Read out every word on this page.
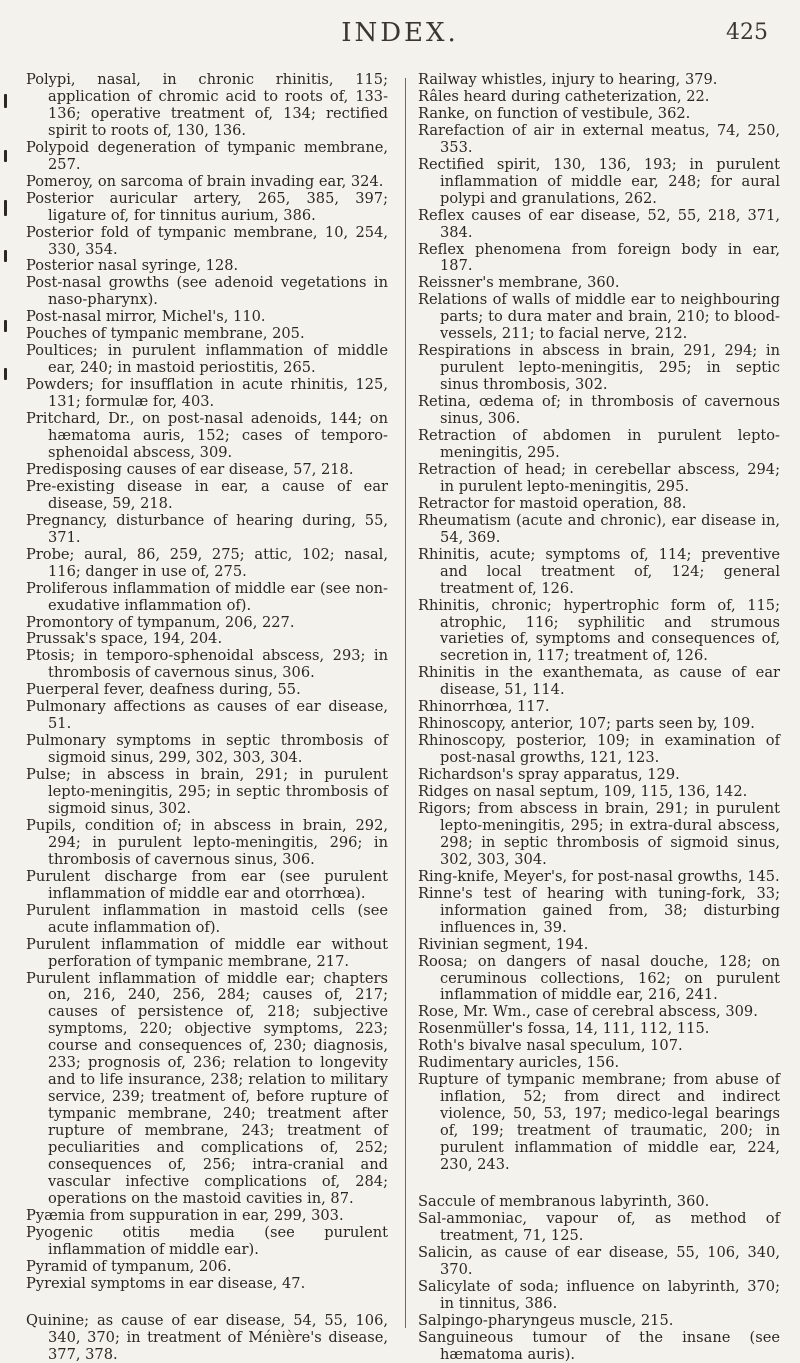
INDEX.	425

Polypi, nasal, in chronic rhinitis, 115; application of chromic acid to roots of, 133-136; operative treatment of, 134; rectified spirit to roots of, 130, 136.

Polypoid degeneration of tympanic membrane, 257.

Pomeroy, on sarcoma of brain invading ear, 324.

Posterior auricular artery, 265, 385, 397; ligature of, for tinnitus aurium, 386.

Posterior fold of tympanic membrane, 10, 254, 330, 354.

Posterior nasal syringe, 128.

Post-nasal growths (see adenoid vegetations in naso-pharynx).

Post-nasal mirror, Michel's, 110.

Pouches of tympanic membrane, 205.

Poultices; in purulent inflammation of middle ear, 240; in mastoid periostitis, 265.

Powders; for insufflation in acute rhinitis, 125, 131; formulæ for, 403.

Pritchard, Dr., on post-nasal adenoids, 144; on hæmatoma auris, 152; cases of temporo-sphenoidal abscess, 309.

Predisposing causes of ear disease, 57, 218.

Pre-existing disease in ear, a cause of ear disease, 59, 218.

Pregnancy, disturbance of hearing during, 55, 371.

Probe; aural, 86, 259, 275; attic, 102; nasal, 116; danger in use of, 275.

Proliferous inflammation of middle ear (see non-exudative inflammation of).

Promontory of tympanum, 206, 227.

Prussak's space, 194, 204.

Ptosis; in temporo-sphenoidal abscess, 293; in thrombosis of cavernous sinus, 306.

Puerperal fever, deafness during, 55.

Pulmonary affections as causes of ear disease, 51.

Pulmonary symptoms in septic thrombosis of sigmoid sinus, 299, 302, 303, 304.

Pulse; in abscess in brain, 291; in purulent lepto-meningitis, 295; in septic thrombosis of sigmoid sinus, 302.

Pupils, condition of; in abscess in brain, 292, 294; in purulent lepto-meningitis, 296; in thrombosis of cavernous sinus, 306.

Purulent discharge from ear (see purulent inflammation of middle ear and otorrhœa).

Purulent inflammation in mastoid cells (see acute inflammation of).

Purulent inflammation of middle ear without perforation of tympanic membrane, 217.

Purulent inflammation of middle ear; chapters on, 216, 240, 256, 284; causes of, 217; causes of persistence of, 218; subjective symptoms, 220; objective symptoms, 223; course and consequences of, 230; diagnosis, 233; prognosis of, 236; relation to longevity and to life insurance, 238; relation to military service, 239; treatment of, before rupture of tympanic membrane, 240; treatment after rupture of membrane, 243; treatment of peculiarities and complications of, 252; consequences of, 256; intra-cranial and vascular infective complications of, 284; operations on the mastoid cavities in, 87.

Pyæmia from suppuration in ear, 299, 303.

Pyogenic otitis media (see purulent inflammation of middle ear).

Pyramid of tympanum, 206.

Pyrexial symptoms in ear disease, 47.

Quinine; as cause of ear disease, 54, 55, 106, 340, 370; in treatment of Ménière's disease, 377, 378.

Railway whistles, injury to hearing, 379.

Râles heard during catheterization, 22.

Ranke, on function of vestibule, 362.

Rarefaction of air in external meatus, 74, 250, 353.

Rectified spirit, 130, 136, 193; in purulent inflammation of middle ear, 248; for aural polypi and granulations, 262.

Reflex causes of ear disease, 52, 55, 218, 371, 384.

Reflex phenomena from foreign body in ear, 187.

Reissner's membrane, 360.

Relations of walls of middle ear to neighbouring parts; to dura mater and brain, 210; to blood-vessels, 211; to facial nerve, 212.

Respirations in abscess in brain, 291, 294; in purulent lepto-meningitis, 295; in septic sinus thrombosis, 302.

Retina, œdema of; in thrombosis of cavernous sinus, 306.

Retraction of abdomen in purulent lepto-meningitis, 295.

Retraction of head; in cerebellar abscess, 294; in purulent lepto-meningitis, 295.

Retractor for mastoid operation, 88.

Rheumatism (acute and chronic), ear disease in, 54, 369.

Rhinitis, acute; symptoms of, 114; preventive and local treatment of, 124; general treatment of, 126.

Rhinitis, chronic; hypertrophic form of, 115; atrophic, 116; syphilitic and strumous varieties of, symptoms and consequences of, secretion in, 117; treatment of, 126.

Rhinitis in the exanthemata, as cause of ear disease, 51, 114.

Rhinorrhœa, 117.

Rhinoscopy, anterior, 107; parts seen by, 109.

Rhinoscopy, posterior, 109; in examination of post-nasal growths, 121, 123.

Richardson's spray apparatus, 129.

Ridges on nasal septum, 109, 115, 136, 142.

Rigors; from abscess in brain, 291; in purulent lepto-meningitis, 295; in extra-dural abscess, 298; in septic thrombosis of sigmoid sinus, 302, 303, 304.

Ring-knife, Meyer's, for post-nasal growths, 145.

Rinne's test of hearing with tuning-fork, 33; information gained from, 38; disturbing influences in, 39.

Rivinian segment, 194.

Roosa; on dangers of nasal douche, 128; on ceruminous collections, 162; on purulent inflammation of middle ear, 216, 241.

Rose, Mr. Wm., case of cerebral abscess, 309.

Rosenmüller's fossa, 14, 111, 112, 115.

Roth's bivalve nasal speculum, 107.

Rudimentary auricles, 156.

Rupture of tympanic membrane; from abuse of inflation, 52; from direct and indirect violence, 50, 53, 197; medico-legal bearings of, 199; treatment of traumatic, 200; in purulent inflammation of middle ear, 224, 230, 243.

Saccule of membranous labyrinth, 360.

Sal-ammoniac, vapour of, as method of treatment, 71, 125.

Salicin, as cause of ear disease, 55, 106, 340, 370.

Salicylate of soda; influence on labyrinth, 370; in tinnitus, 386.

Salpingo-pharyngeus muscle, 215.

Sanguineous tumour of the insane (see hæmatoma auris).
